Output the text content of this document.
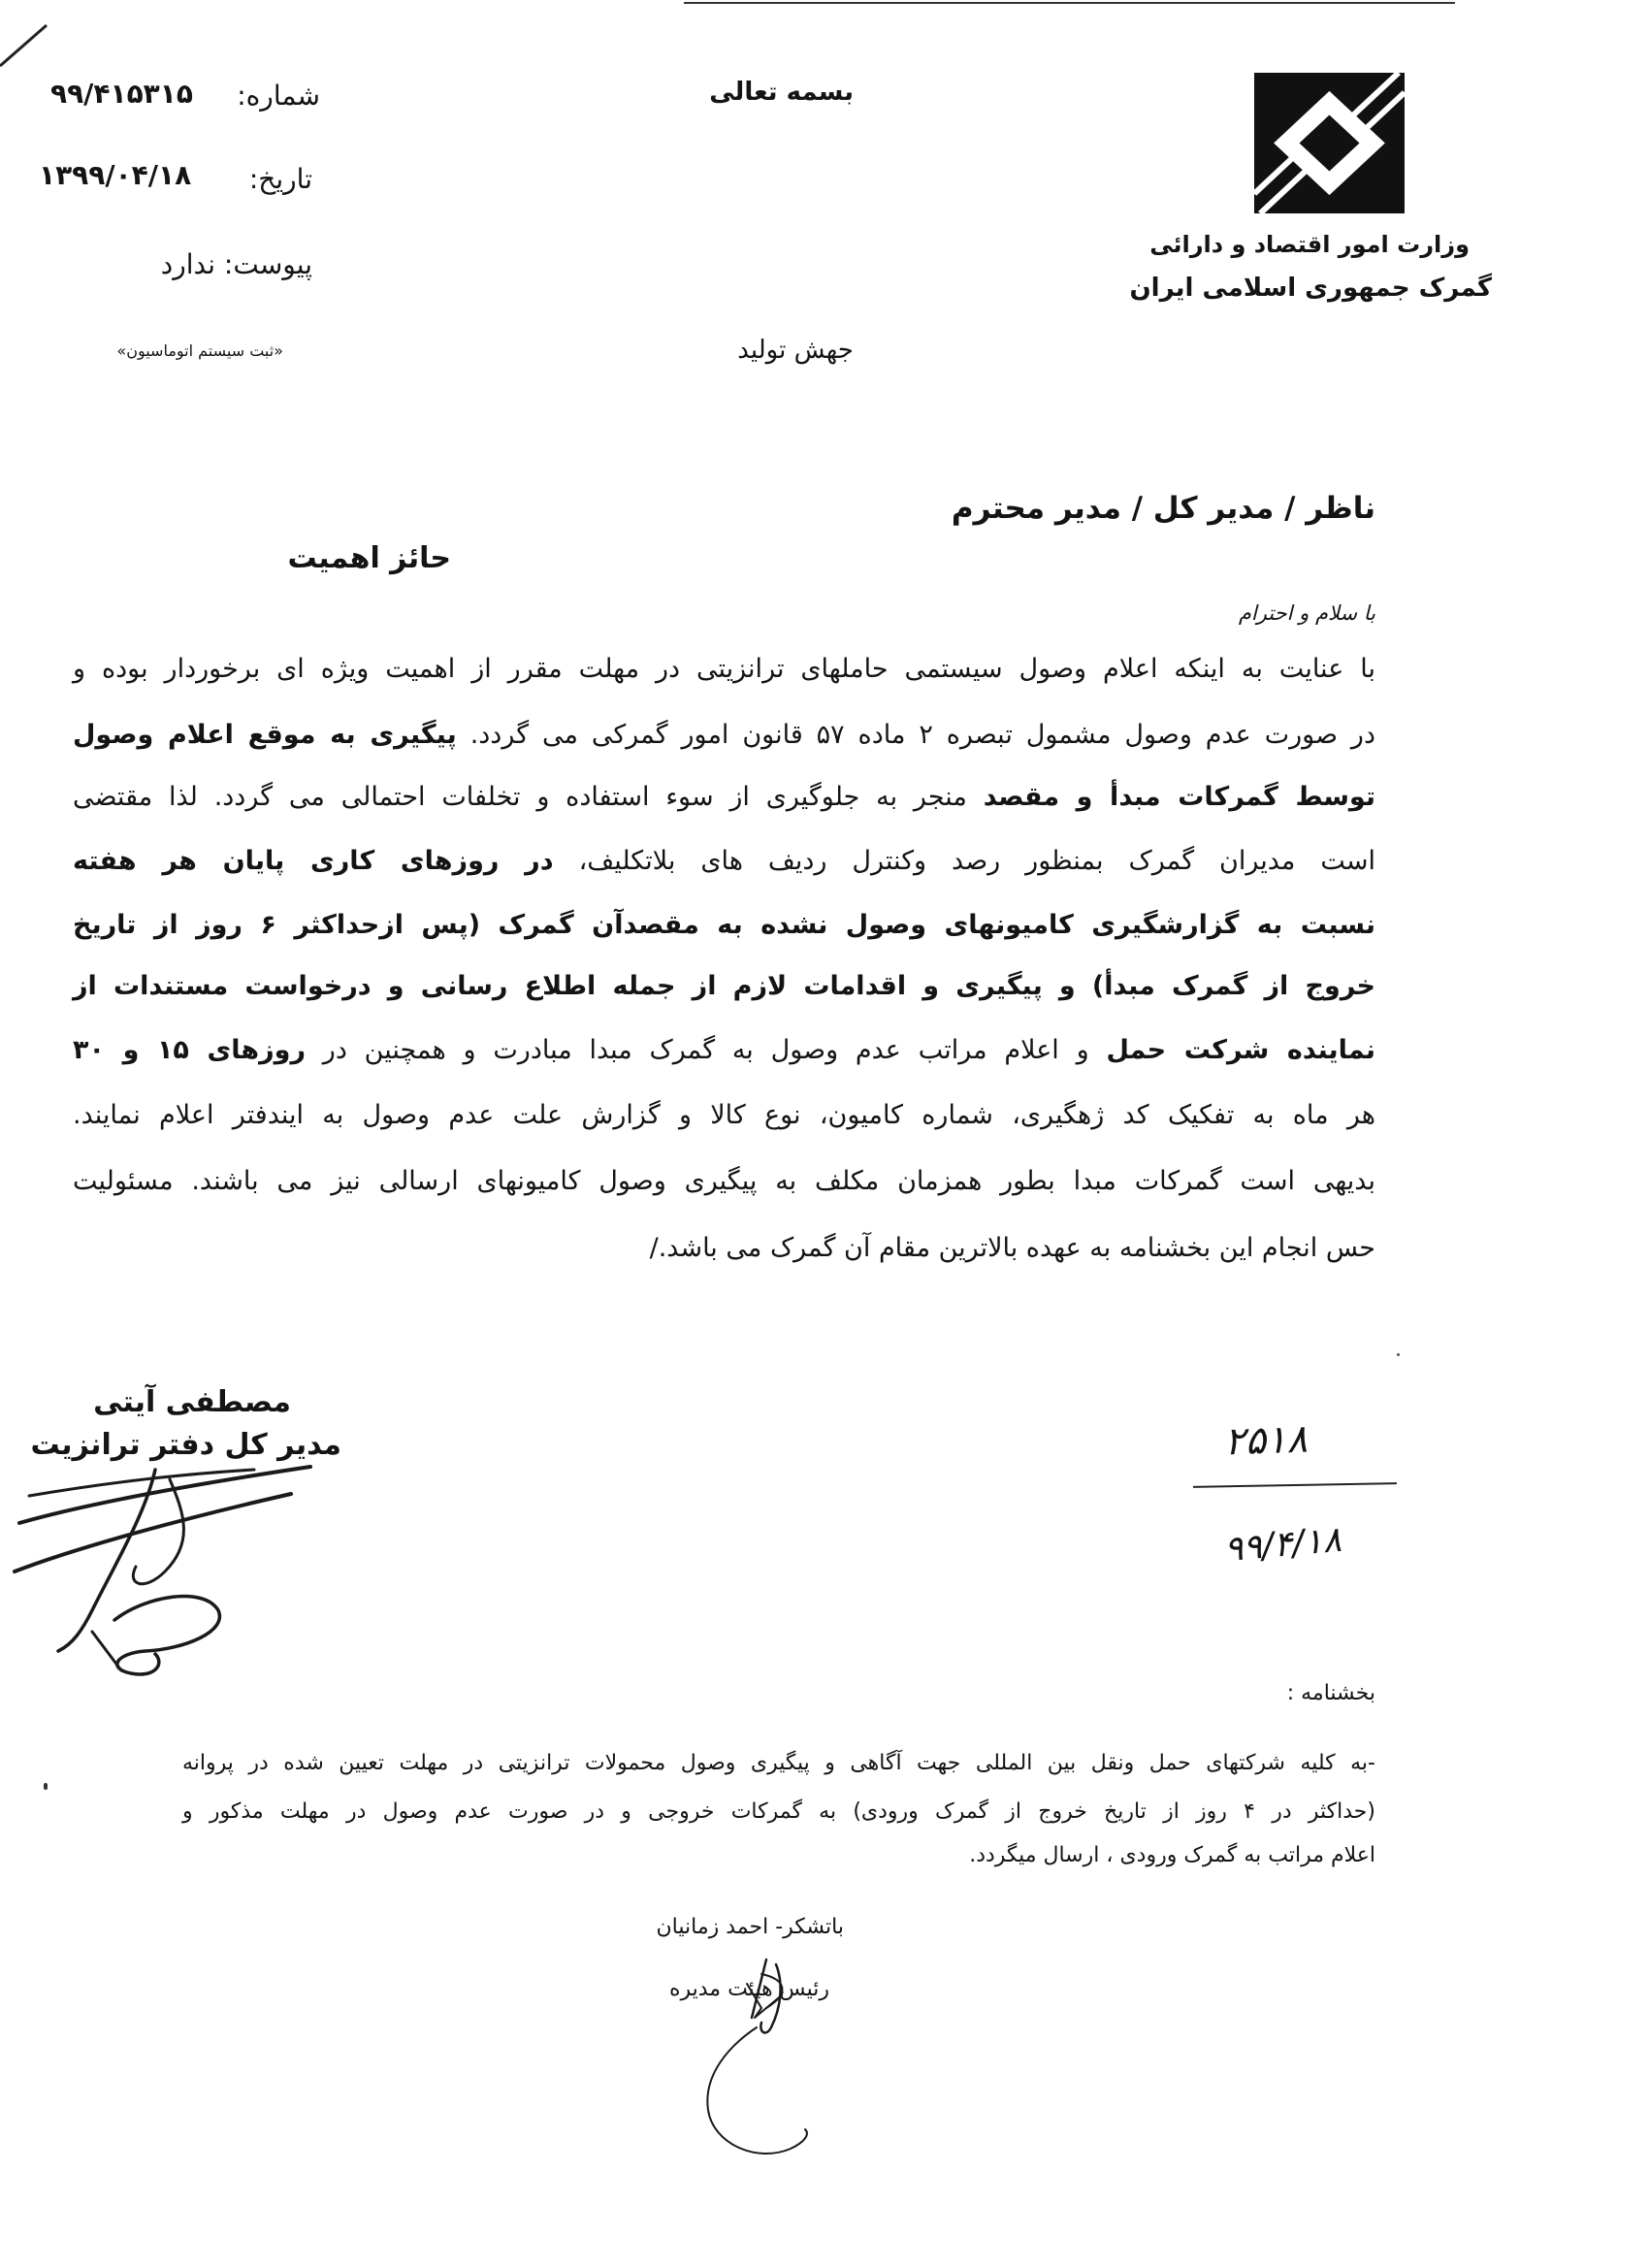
شماره:
۹۹/۴۱۵۳۱۵
تاریخ:
۱۳۹۹/۰۴/۱۸
پیوست: ندارد
«ثبت سیستم اتوماسیون»
بسمه تعالی
جهش تولید
وزارت امور اقتصاد و دارائی
گمرک جمهوری اسلامی ایران
ناظر / مدیر کل / مدیر محترم
حائز اهمیت
با سلام و احترام
با عنایت به اینکه اعلام وصول سیستمی حاملهای ترانزیتی در مهلت مقرر از اهمیت ویژه ای برخوردار بوده و
در صورت عدم وصول مشمول تبصره ۲ ماده ۵۷ قانون امور گمرکی می گردد. پیگیری به موقع اعلام وصول
توسط گمرکات مبدأ و مقصد منجر به جلوگیری از سوء استفاده و تخلفات احتمالی می گردد. لذا مقتضی
است مدیران گمرک بمنظور رصد وکنترل ردیف های بلاتکلیف، در روزهای کاری پایان هر هفته
نسبت به گزارشگیری کامیونهای وصول نشده به مقصدآن گمرک (پس ازحداکثر ۶ روز از تاریخ
خروج از گمرک مبدأ) و پیگیری و اقدامات لازم از جمله اطلاع رسانی و درخواست مستندات از
نماینده شرکت حمل و اعلام مراتب عدم وصول به گمرک مبدا مبادرت و همچنین در روزهای ۱۵ و ۳۰
هر ماه به تفکیک کد ژهگیری، شماره کامیون، نوع کالا و گزارش علت عدم وصول به ایندفتر اعلام نمایند.
بدیهی است گمرکات مبدا بطور همزمان مکلف به پیگیری وصول کامیونهای ارسالی نیز می باشند. مسئولیت
حس انجام این بخشنامه به عهده بالاترین مقام آن گمرک می باشد./
مصطفی آیتی
مدیر کل دفتر ترانزیت	۲۵۱۸
۹۹/۴/۱۸
بخشنامه :
-به کلیه شرکتهای حمل ونقل بین المللی جهت آگاهی و پیگیری وصول محمولات ترانزیتی در مهلت تعیین شده در پروانه
(حداکثر در ۴ روز از تاریخ خروج از گمرک ورودی) به گمرکات خروجی و در صورت عدم وصول در مهلت مذکور و
اعلام مراتب به گمرک ورودی ، ارسال میگردد.
باتشکر- احمد زمانیان
رئیس هیئت مدیره
